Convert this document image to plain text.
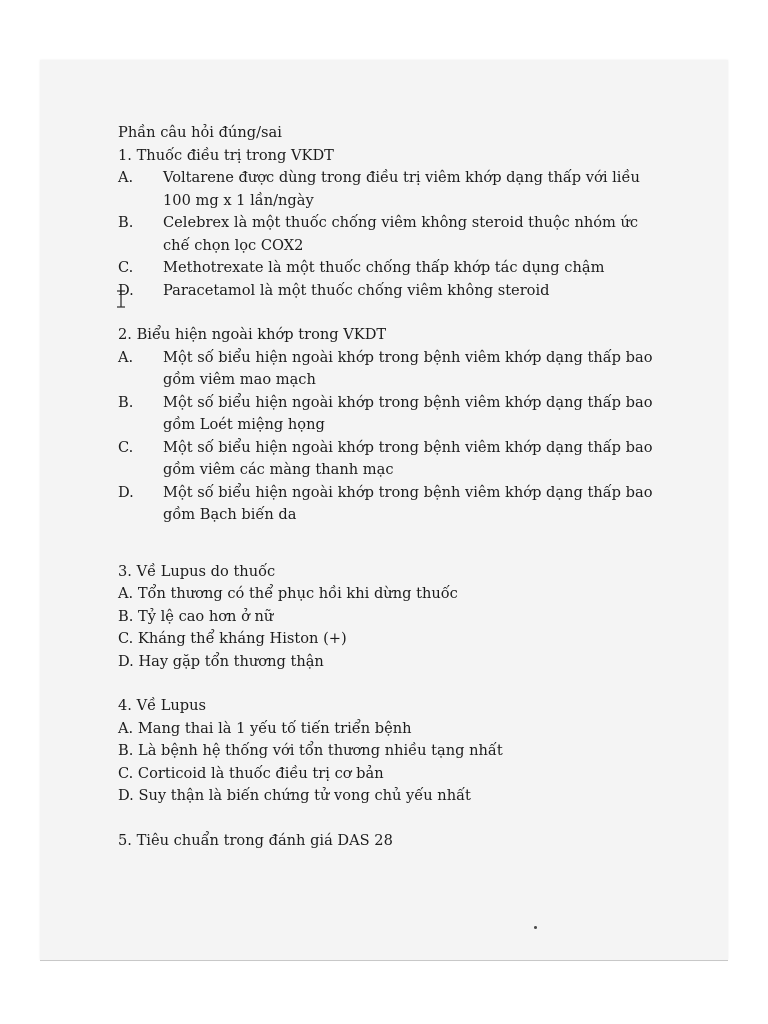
Phần câu hỏi đúng/sai

1. Thuốc điều trị trong VKDT

A.	Voltarene được dùng trong điều trị viêm khớp dạng thấp với liều 100 mg x 1 lần/ngày
B.	Celebrex là một thuốc chống viêm không steroid thuộc nhóm ức chế chọn lọc COX2
C.	Methotrexate là một thuốc chống thấp khớp tác dụng chậm
D.	Paracetamol là một thuốc chống viêm không steroid

2. Biểu hiện ngoài khớp trong VKDT

A.	Một số biểu hiện ngoài khớp trong bệnh viêm khớp dạng thấp bao gồm viêm mao mạch
B.	Một số biểu hiện ngoài khớp trong bệnh viêm khớp dạng thấp bao gồm Loét miệng họng
C.	Một số biểu hiện ngoài khớp trong bệnh viêm khớp dạng thấp bao gồm viêm các màng thanh mạc
D.	Một số biểu hiện ngoài khớp trong bệnh viêm khớp dạng thấp bao gồm Bạch biến da

3. Về Lupus do thuốc

A. Tổn thương có thể phục hồi khi dừng thuốc

B. Tỷ lệ cao hơn ở nữ

C. Kháng thể kháng Histon (+)

D. Hay gặp tổn thương thận

4. Về Lupus

A. Mang thai là 1 yếu tố tiến triển bệnh

B. Là bệnh hệ thống với tổn thương nhiều tạng nhất

C. Corticoid là thuốc điều trị cơ bản

D. Suy thận là biến chứng tử vong chủ yếu nhất

5. Tiêu chuẩn trong đánh giá DAS 28
